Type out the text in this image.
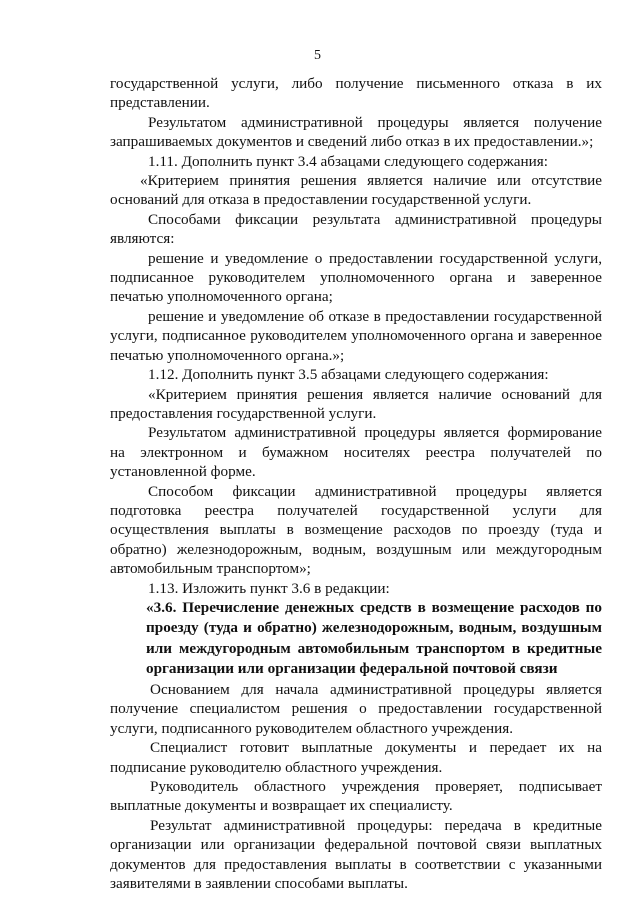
5

государственной услуги, либо получение письменного отказа в их представлении.

Результатом административной процедуры является получение запрашиваемых документов и сведений либо отказ в их предоставлении.»;

1.11. Дополнить пункт 3.4 абзацами следующего содержания:

«Критерием принятия решения является наличие или отсутствие оснований для отказа в предоставлении государственной услуги.

Способами фиксации результата административной процедуры являются:

решение и уведомление о предоставлении государственной услуги, подписанное руководителем уполномоченного органа и заверенное печатью уполномоченного органа;

решение и уведомление об отказе в предоставлении государственной услуги, подписанное руководителем уполномоченного органа и заверенное печатью уполномоченного органа.»;

1.12. Дополнить пункт 3.5 абзацами следующего содержания:

«Критерием принятия решения является наличие оснований для предоставления государственной услуги.

Результатом административной процедуры является формирование на электронном и бумажном носителях реестра получателей по установленной форме.

Способом фиксации административной процедуры является подготовка реестра получателей государственной услуги для осуществления выплаты в возмещение расходов по проезду (туда и обратно) железнодорожным, водным, воздушным или междугородным автомобильным транспортом»;

1.13. Изложить пункт 3.6 в редакции:

«3.6. Перечисление денежных средств в возмещение расходов по проезду (туда и обратно) железнодорожным, водным, воздушным или междугородным автомобильным транспортом в кредитные организации или организации федеральной почтовой связи

Основанием для начала административной процедуры является получение специалистом решения о предоставлении государственной услуги, подписанного руководителем областного учреждения.

Специалист готовит выплатные документы и передает их на подписание руководителю областного учреждения.

Руководитель областного учреждения проверяет, подписывает выплатные документы и возвращает их специалисту.

Результат административной процедуры: передача в кредитные организации или организации федеральной почтовой связи выплатных документов для предоставления выплаты в соответствии с указанными заявителями в заявлении способами выплаты.
